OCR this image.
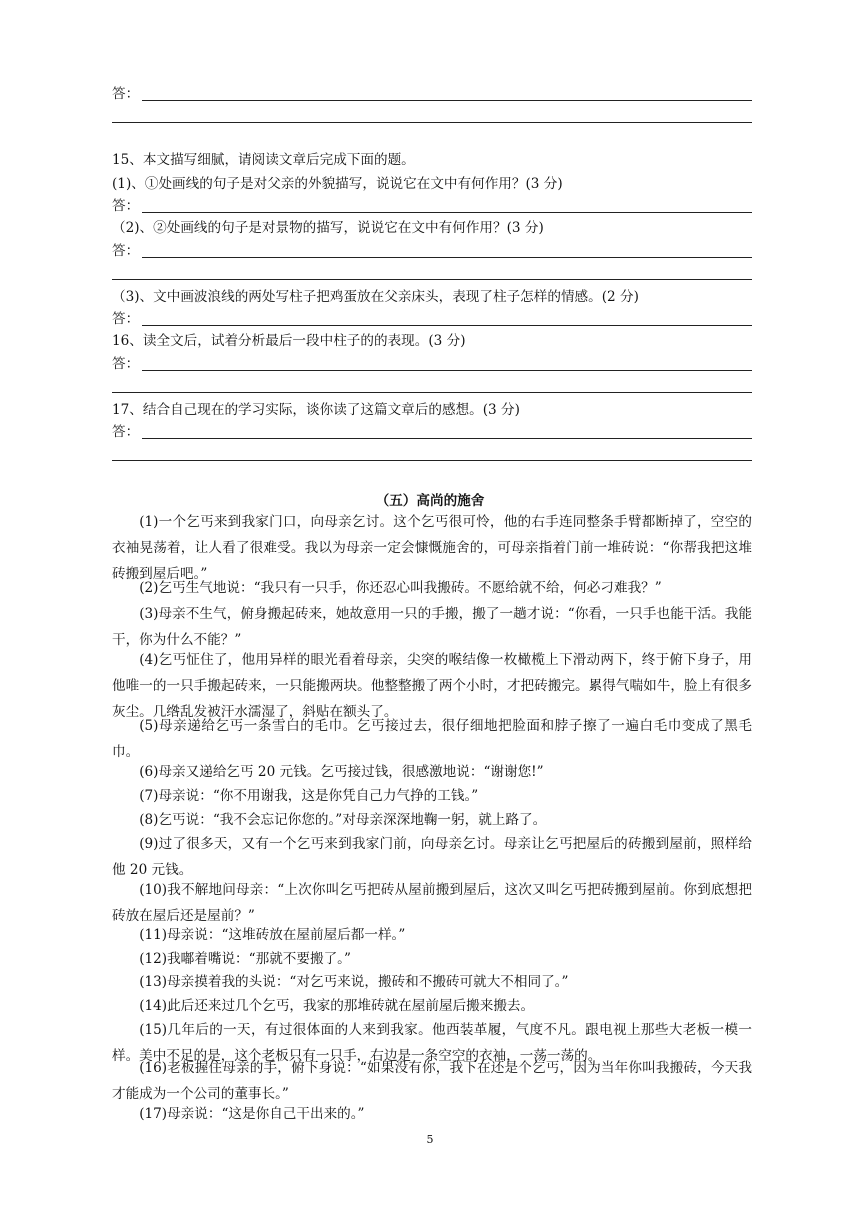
答：
15、本文描写细腻，请阅读文章后完成下面的题。
(1)、①处画线的句子是对父亲的外貌描写，说说它在文中有何作用？(3 分)
答：
（2)、②处画线的句子是对景物的描写，说说它在文中有何作用？(3 分)
答：
（3)、文中画波浪线的两处写柱子把鸡蛋放在父亲床头，表现了柱子怎样的情感。(2 分)
答：
16、读全文后，试着分析最后一段中柱子的的表现。(3 分)
答：
17、结合自己现在的学习实际，谈你读了这篇文章后的感想。(3 分)
答：
（五）高尚的施舍
(1)一个乞丐来到我家门口，向母亲乞讨。这个乞丐很可怜，他的右手连同整条手臂都断掉了，空空的衣袖晃荡着，让人看了很难受。我以为母亲一定会慷慨施舍的，可母亲指着门前一堆砖说：“你帮我把这堆砖搬到屋后吧。”
(2)乞丐生气地说：“我只有一只手，你还忍心叫我搬砖。不愿给就不给，何必刁难我？”
(3)母亲不生气，俯身搬起砖来，她故意用一只的手搬，搬了一趟才说：“你看，一只手也能干活。我能干，你为什么不能？”
(4)乞丐怔住了，他用异样的眼光看着母亲，尖突的喉结像一枚橄榄上下滑动两下，终于俯下身子，用他唯一的一只手搬起砖来，一只能搬两块。他整整搬了两个小时，才把砖搬完。累得气喘如牛，脸上有很多灰尘。几绺乱发被汗水濡湿了，斜贴在额头了。
(5)母亲递给乞丐一条雪白的毛巾。乞丐接过去，很仔细地把脸面和脖子擦了一遍白毛巾变成了黑毛巾。
(6)母亲又递给乞丐 20 元钱。乞丐接过钱，很感激地说：“谢谢您!”
(7)母亲说：“你不用谢我，这是你凭自己力气挣的工钱。”
(8)乞丐说：“我不会忘记你您的。”对母亲深深地鞠一躬，就上路了。
(9)过了很多天，又有一个乞丐来到我家门前，向母亲乞讨。母亲让乞丐把屋后的砖搬到屋前，照样给他 20 元钱。
(10)我不解地问母亲：“上次你叫乞丐把砖从屋前搬到屋后，这次又叫乞丐把砖搬到屋前。你到底想把砖放在屋后还是屋前？”
(11)母亲说：“这堆砖放在屋前屋后都一样。”
(12)我嘟着嘴说：“那就不要搬了。”
(13)母亲摸着我的头说：“对乞丐来说，搬砖和不搬砖可就大不相同了。”
(14)此后还来过几个乞丐，我家的那堆砖就在屋前屋后搬来搬去。
(15)几年后的一天，有过很体面的人来到我家。他西装革履，气度不凡。跟电视上那些大老板一模一样。美中不足的是，这个老板只有一只手，右边是一条空空的衣袖，一荡一荡的。
(16)老板握住母亲的手，俯下身说：“如果没有你，我下在还是个乞丐，因为当年你叫我搬砖，今天我才能成为一个公司的董事长。”
(17)母亲说：“这是你自己干出来的。”
5
